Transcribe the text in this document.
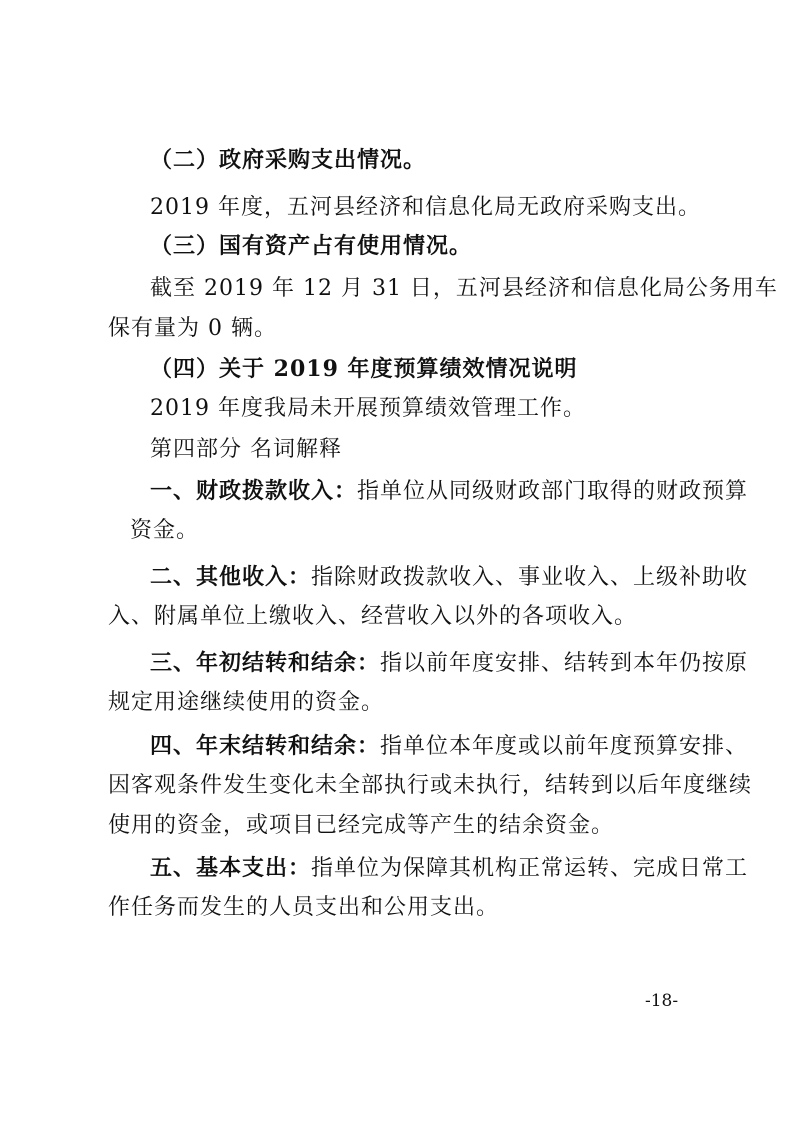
（二）政府采购支出情况。
2019 年度，五河县经济和信息化局无政府采购支出。
（三）国有资产占有使用情况。
截至 2019 年 12 月 31 日，五河县经济和信息化局公务用车
保有量为 0 辆。
（四）关于 2019 年度预算绩效情况说明
2019 年度我局未开展预算绩效管理工作。
第四部分 名词解释
一、财政拨款收入：指单位从同级财政部门取得的财政预算
资金。
二、其他收入：指除财政拨款收入、事业收入、上级补助收
入、附属单位上缴收入、经营收入以外的各项收入。
三、年初结转和结余：指以前年度安排、结转到本年仍按原
规定用途继续使用的资金。
四、年末结转和结余：指单位本年度或以前年度预算安排、
因客观条件发生变化未全部执行或未执行，结转到以后年度继续
使用的资金，或项目已经完成等产生的结余资金。
五、基本支出：指单位为保障其机构正常运转、完成日常工
作任务而发生的人员支出和公用支出。
-18-
